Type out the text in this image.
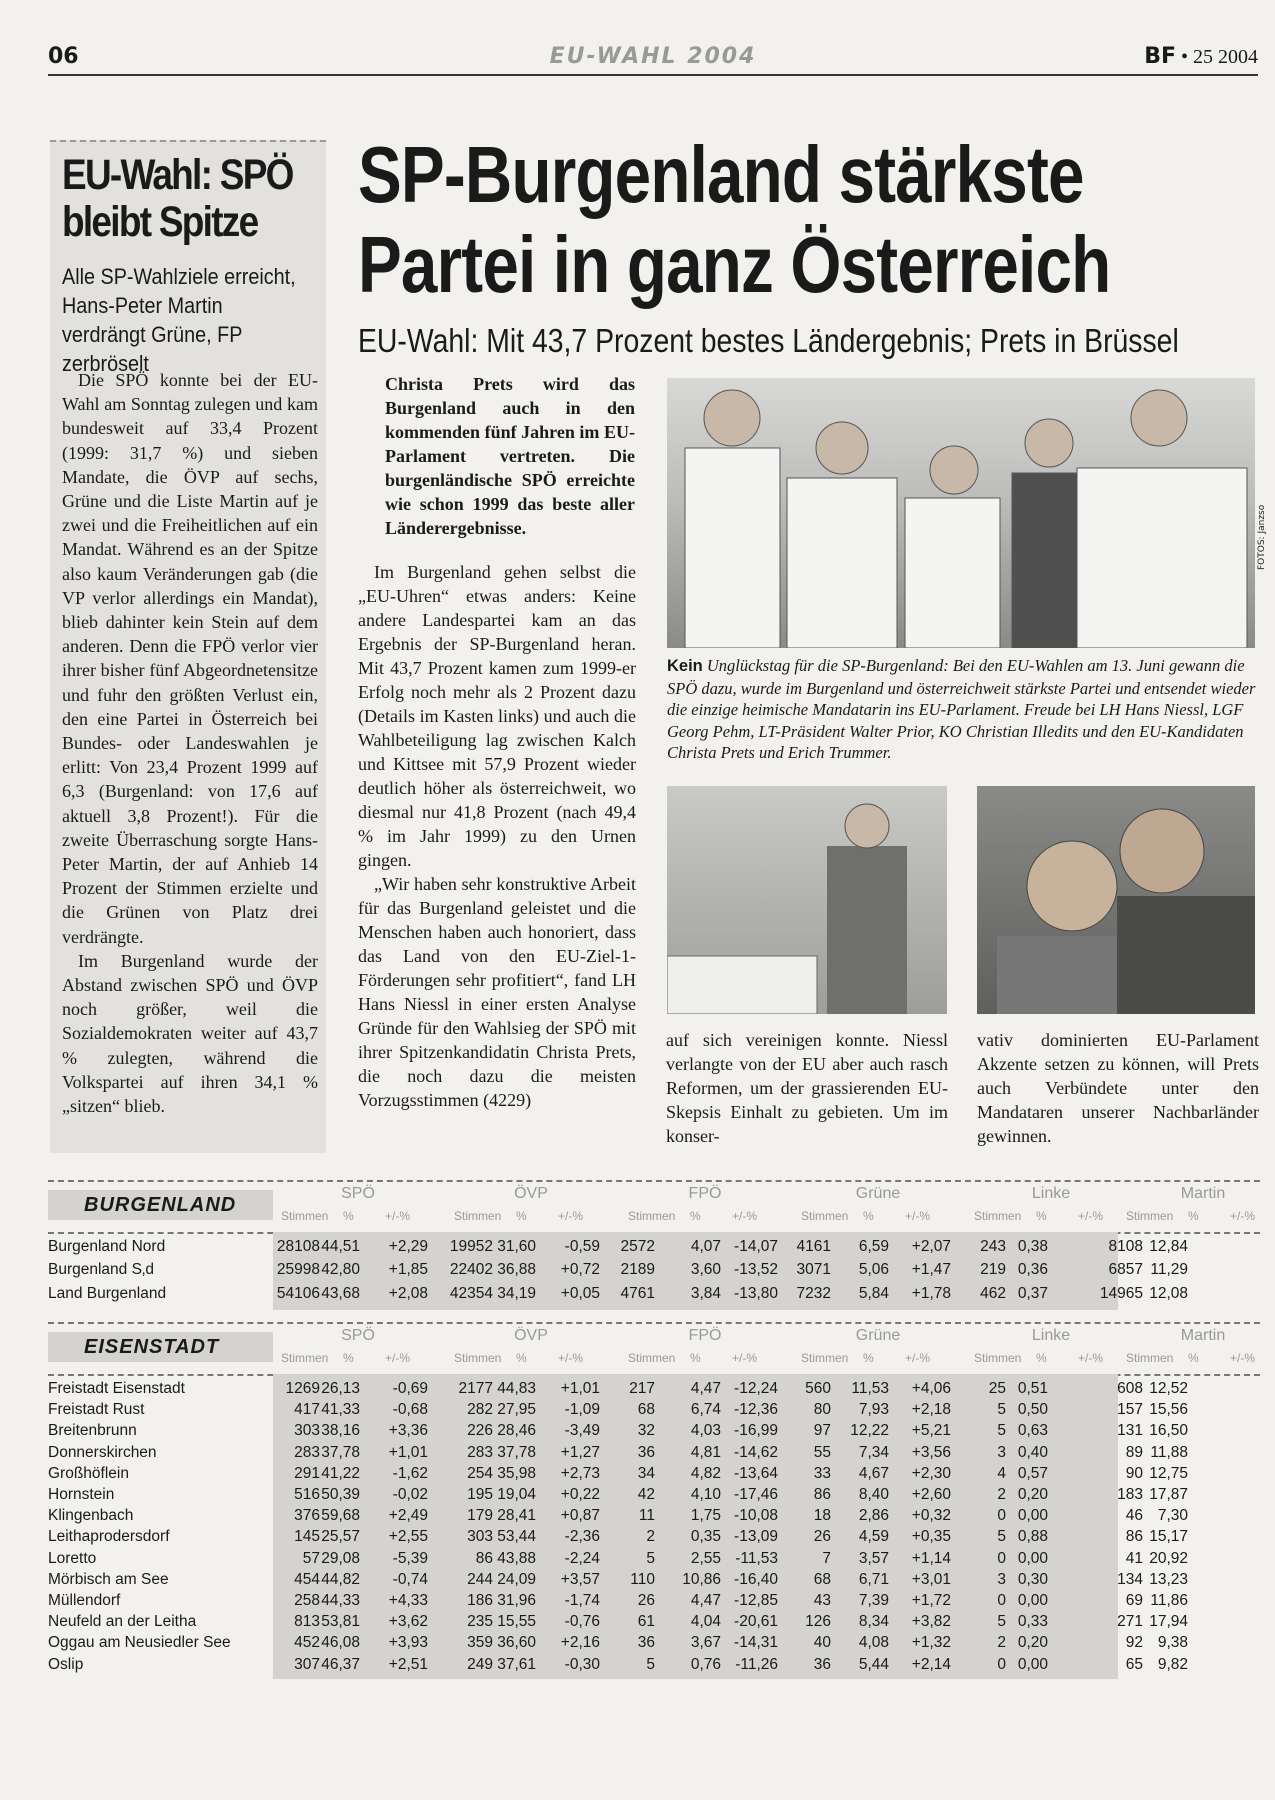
06	EU-WAHL 2004	BF • 25 2004
EU-Wahl: SPÖ bleibt Spitze
Alle SP-Wahlziele erreicht, Hans-Peter Martin verdrängt Grüne, FP zerbröselt
Die SPÖ konnte bei der EU-Wahl am Sonntag zulegen und kam bundesweit auf 33,4 Prozent (1999: 31,7 %) und sieben Mandate, die ÖVP auf sechs, Grüne und die Liste Martin auf je zwei und die Freiheitlichen auf ein Mandat. Während es an der Spitze also kaum Veränderungen gab (die VP verlor allerdings ein Mandat), blieb dahinter kein Stein auf dem anderen. Denn die FPÖ verlor vier ihrer bisher fünf Abgeordnetensitze und fuhr den größten Verlust ein, den eine Partei in Österreich bei Bundes- oder Landeswahlen je erlitt: Von 23,4 Prozent 1999 auf 6,3 (Burgenland: von 17,6 auf aktuell 3,8 Prozent!). Für die zweite Überraschung sorgte Hans-Peter Martin, der auf Anhieb 14 Prozent der Stimmen erzielte und die Grünen von Platz drei verdrängte.
Im Burgenland wurde der Abstand zwischen SPÖ und ÖVP noch größer, weil die Sozialdemokraten weiter auf 43,7 % zulegten, während die Volkspartei auf ihren 34,1 % „sitzen“ blieb.
SP-Burgenland stärkste Partei in ganz Österreich
EU-Wahl: Mit 43,7 Prozent bestes Ländergebnis; Prets in Brüssel
Christa Prets wird das Burgenland auch in den kommenden fünf Jahren im EU-Parlament vertreten. Die burgenländische SPÖ erreichte wie schon 1999 das beste aller Länderergebnisse.

Im Burgenland gehen selbst die „EU-Uhren“ etwas anders: Keine andere Landespartei kam an das Ergebnis der SP-Burgenland heran. Mit 43,7 Prozent kamen zum 1999-er Erfolg noch mehr als 2 Prozent dazu (Details im Kasten links) und auch die Wahlbeteiligung lag zwischen Kalch und Kittsee mit 57,9 Prozent wieder deutlich höher als österreichweit, wo diesmal nur 41,8 Prozent (nach 49,4 % im Jahr 1999) zu den Urnen gingen.

„Wir haben sehr konstruktive Arbeit für das Burgenland geleistet und die Menschen haben auch honoriert, dass das Land von den EU-Ziel-1-Förderungen sehr profitiert“, fand LH Hans Niessl in einer ersten Analyse Gründe für den Wahlsieg der SPÖ mit ihrer Spitzenkandidatin Christa Prets, die noch dazu die meisten Vorzugsstimmen (4229)

auf sich vereinigen konnte. Niessl verlangte von der EU aber auch rasch Reformen, um der grassierenden EU-Skepsis Einhalt zu gebieten. Um im konser-
vativ dominierten EU-Parlament Akzente setzen zu können, will Prets auch Verbündete unter den Mandataren unserer Nachbarländer gewinnen.
FOTOS: Janzso
Kein Unglückstag für die SP-Burgenland: Bei den EU-Wahlen am 13. Juni gewann die SPÖ dazu, wurde im Burgenland und österreichweit stärkste Partei und entsendet wieder die einzige heimische Mandatarin ins EU-Parlament. Freude bei LH Hans Niessl, LGF Georg Pehm, LT-Präsident Walter Prior, KO Christian Illedits und den EU-Kandidaten Christa Prets und Erich Trummer.
BURGENLAND
SPÖ
Stimmen %	+/-%
ÖVP
Stimmen %	+/-%
FPÖ
Stimmen %	+/-%
Grüne
Stimmen %	+/-%
Linke
Stimmen %	+/-%
Martin
Stimmen %	+/-%
Burgenland Nord	28108 44,51 +2,29 19952 31,60 -0,59 2572 4,07 -14,07 4161 6,59 +2,07 243 0,38	8108 12,84
Burgenland S‚d	25998 42,80 +1,85 22402 36,88 +0,72 2189 3,60 -13,52 3071 5,06 +1,47 219 0,36	6857 11,29
Land Burgenland	54106 43,68 +2,08 42354 34,19 +0,05 4761 3,84 -13,80 7232 5,84 +1,78 462 0,37	14965 12,08
EISENSTADT
SPÖ
Stimmen %	+/-%
ÖVP
Stimmen %	+/-%
FPÖ
Stimmen %	+/-%
Grüne
Stimmen %	+/-%
Linke
Stimmen %	+/-%
Martin
Stimmen %	+/-%
Freistadt Eisenstadt	1269 26,13 -0,69 2177 44,83 +1,01 217 4,47 -12,24 560 11,53 +4,06 25 0,51	608 12,52
Freistadt Rust	417 41,33 -0,68	282 27,95 -1,09 68 6,74 -12,36 80 7,93 +2,18	5 0,50	157 15,56
Breitenbrunn	303 38,16 +3,36	226 28,46 -3,49 32 4,03 -16,99 97 12,22 +5,21	5 0,63	131 16,50
Donnerskirchen	283 37,78 +1,01	283 37,78 +1,27 36 4,81 -14,62 55 7,34 +3,56	3 0,40	89 11,88
Großhöflein	291 41,22 -1,62	254 35,98 +2,73 34 4,82 -13,64 33 4,67 +2,30	4 0,57	90 12,75
Hornstein	516 50,39 -0,02	195 19,04 +0,22 42 4,10 -17,46 86 8,40 +2,60	2 0,20	183 17,87
Klingenbach	376 59,68 +2,49	179 28,41 +0,87	11 1,75 -10,08 18 2,86 +0,32	0 0,00	46 7,30
Leithaprodersdorf	145 25,57 +2,55	303 53,44 -2,36	2 0,35 -13,09 26 4,59 +0,35	5 0,88	86 15,17
Loretto	57 29,08 -5,39	86 43,88 -2,24	5 2,55 -11,53	7 3,57 +1,14	0 0,00	41 20,92
Mörbisch am See	454 44,82 -0,74	244 24,09 +3,57 110 10,86 -16,40 68 6,71 +3,01	3 0,30	134 13,23
Müllendorf	258 44,33 +4,33	186 31,96 -1,74 26 4,47 -12,85 43 7,39 +1,72	0 0,00	69 11,86
Neufeld an der Leitha	813 53,81 +3,62	235 15,55 -0,76 61 4,04 -20,61 126 8,34 +3,82	5 0,33	271 17,94
Oggau am Neusiedler See	452 46,08 +3,93	359 36,60 +2,16 36 3,67 -14,31 40 4,08 +1,32	2 0,20	92 9,38
Oslip	307 46,37 +2,51	249 37,61 -0,30	5 0,76 -11,26 36 5,44 +2,14	0 0,00	65 9,82
